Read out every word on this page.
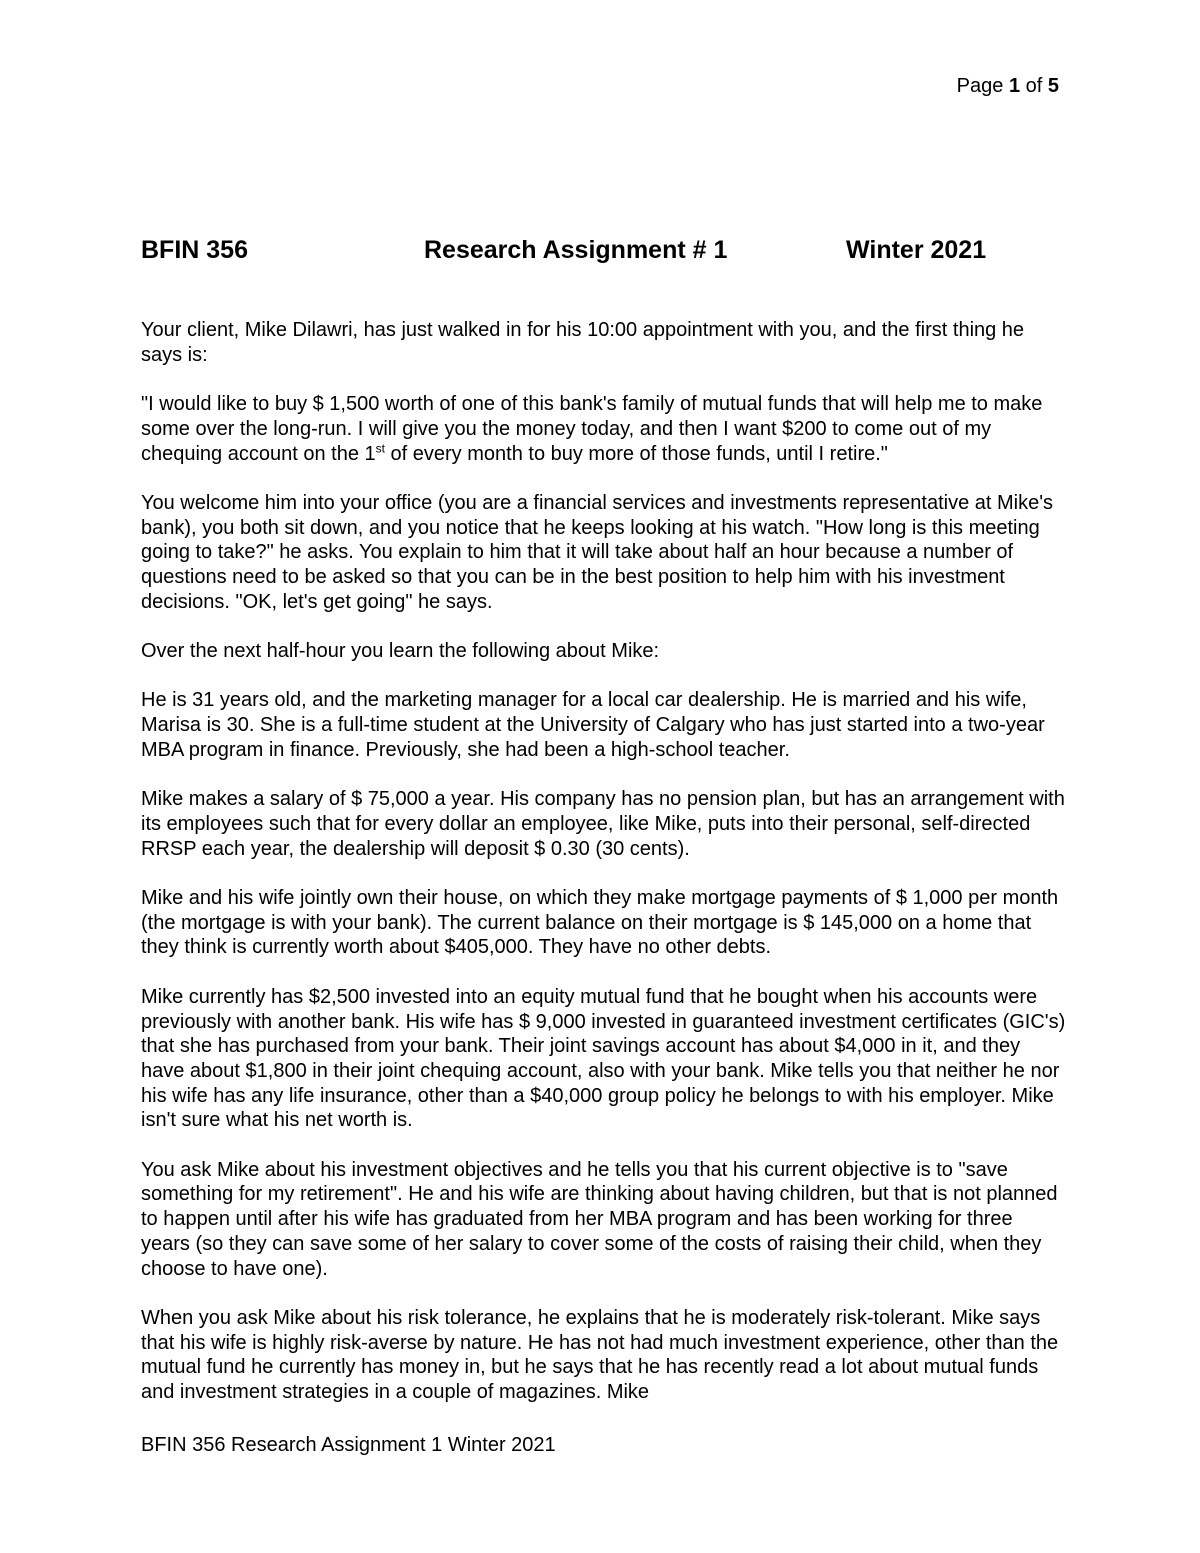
Page 1 of 5
BFIN 356	Research Assignment # 1	Winter 2021

Your client, Mike Dilawri, has just walked in for his 10:00 appointment with you, and the first thing he says is:

"I would like to buy $ 1,500 worth of one of this bank's family of mutual funds that will help me to make some over the long-run. I will give you the money today, and then I want $200 to come out of my chequing account on the 1st of every month to buy more of those funds, until I retire."

You welcome him into your office (you are a financial services and investments representative at Mike's bank), you both sit down, and you notice that he keeps looking at his watch. "How long is this meeting going to take?" he asks. You explain to him that it will take about half an hour because a number of questions need to be asked so that you can be in the best position to help him with his investment decisions. "OK, let's get going" he says.

Over the next half-hour you learn the following about Mike:

He is 31 years old, and the marketing manager for a local car dealership. He is married and his wife, Marisa is 30. She is a full-time student at the University of Calgary who has just started into a two-year MBA program in finance. Previously, she had been a high-school teacher.

Mike makes a salary of $ 75,000 a year. His company has no pension plan, but has an arrangement with its employees such that for every dollar an employee, like Mike, puts into their personal, self-directed RRSP each year, the dealership will deposit $ 0.30 (30 cents).

Mike and his wife jointly own their house, on which they make mortgage payments of $ 1,000 per month (the mortgage is with your bank). The current balance on their mortgage is $ 145,000 on a home that they think is currently worth about $405,000. They have no other debts.

Mike currently has $2,500 invested into an equity mutual fund that he bought when his accounts were previously with another bank. His wife has $ 9,000 invested in guaranteed investment certificates (GIC's) that she has purchased from your bank. Their joint savings account has about $4,000 in it, and they have about $1,800 in their joint chequing account, also with your bank. Mike tells you that neither he nor his wife has any life insurance, other than a $40,000 group policy he belongs to with his employer. Mike isn't sure what his net worth is.

You ask Mike about his investment objectives and he tells you that his current objective is to "save something for my retirement". He and his wife are thinking about having children, but that is not planned to happen until after his wife has graduated from her MBA program and has been working for three years (so they can save some of her salary to cover some of the costs of raising their child, when they choose to have one).

When you ask Mike about his risk tolerance, he explains that he is moderately risk-tolerant. Mike says that his wife is highly risk-averse by nature. He has not had much investment experience, other than the mutual fund he currently has money in, but he says that he has recently read a lot about mutual funds and investment strategies in a couple of magazines. Mike

BFIN 356 Research Assignment 1 Winter 2021
